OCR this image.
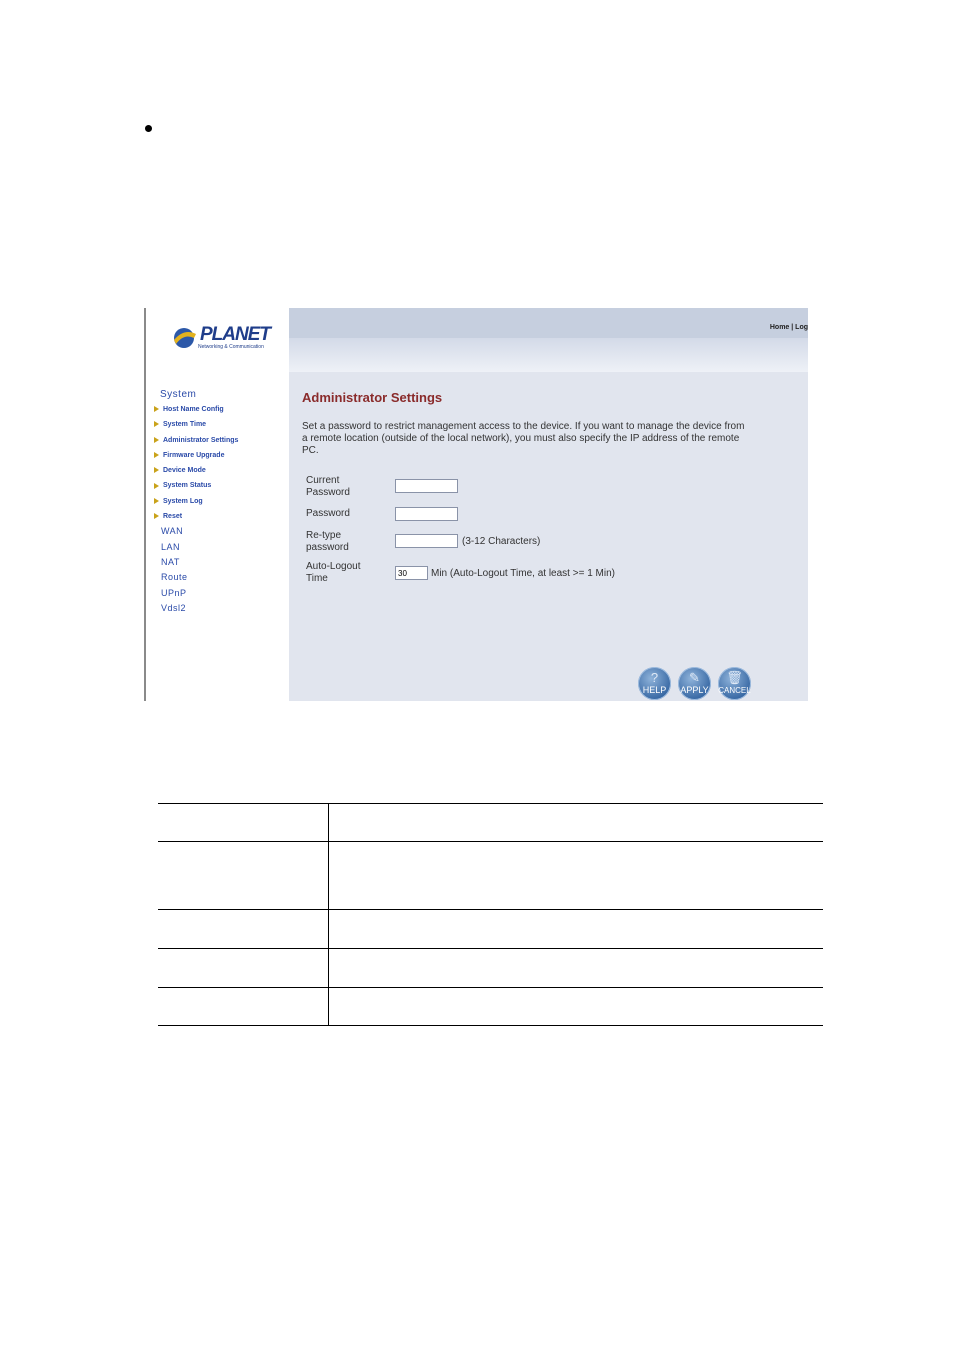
PLANET
Networking & Communication
System
Host Name Config
System Time
Administrator Settings
Firmware Upgrade
Device Mode
System Status
System Log
Reset
WAN
LAN
NAT
Route
UPnP
Vdsl2
Home | Log
Administrator Settings
Set a password to restrict management access to the device. If you want to manage the device from a remote location (outside of the local network), you must also specify the IP address of the remote PC.
Current Password
Password
Re-type password
(3-12 Characters)
Auto-Logout Time
30	Min (Auto-Logout Time, at least >= 1 Min)
?
HELP
✎
APPLY
🗑
CANCEL
